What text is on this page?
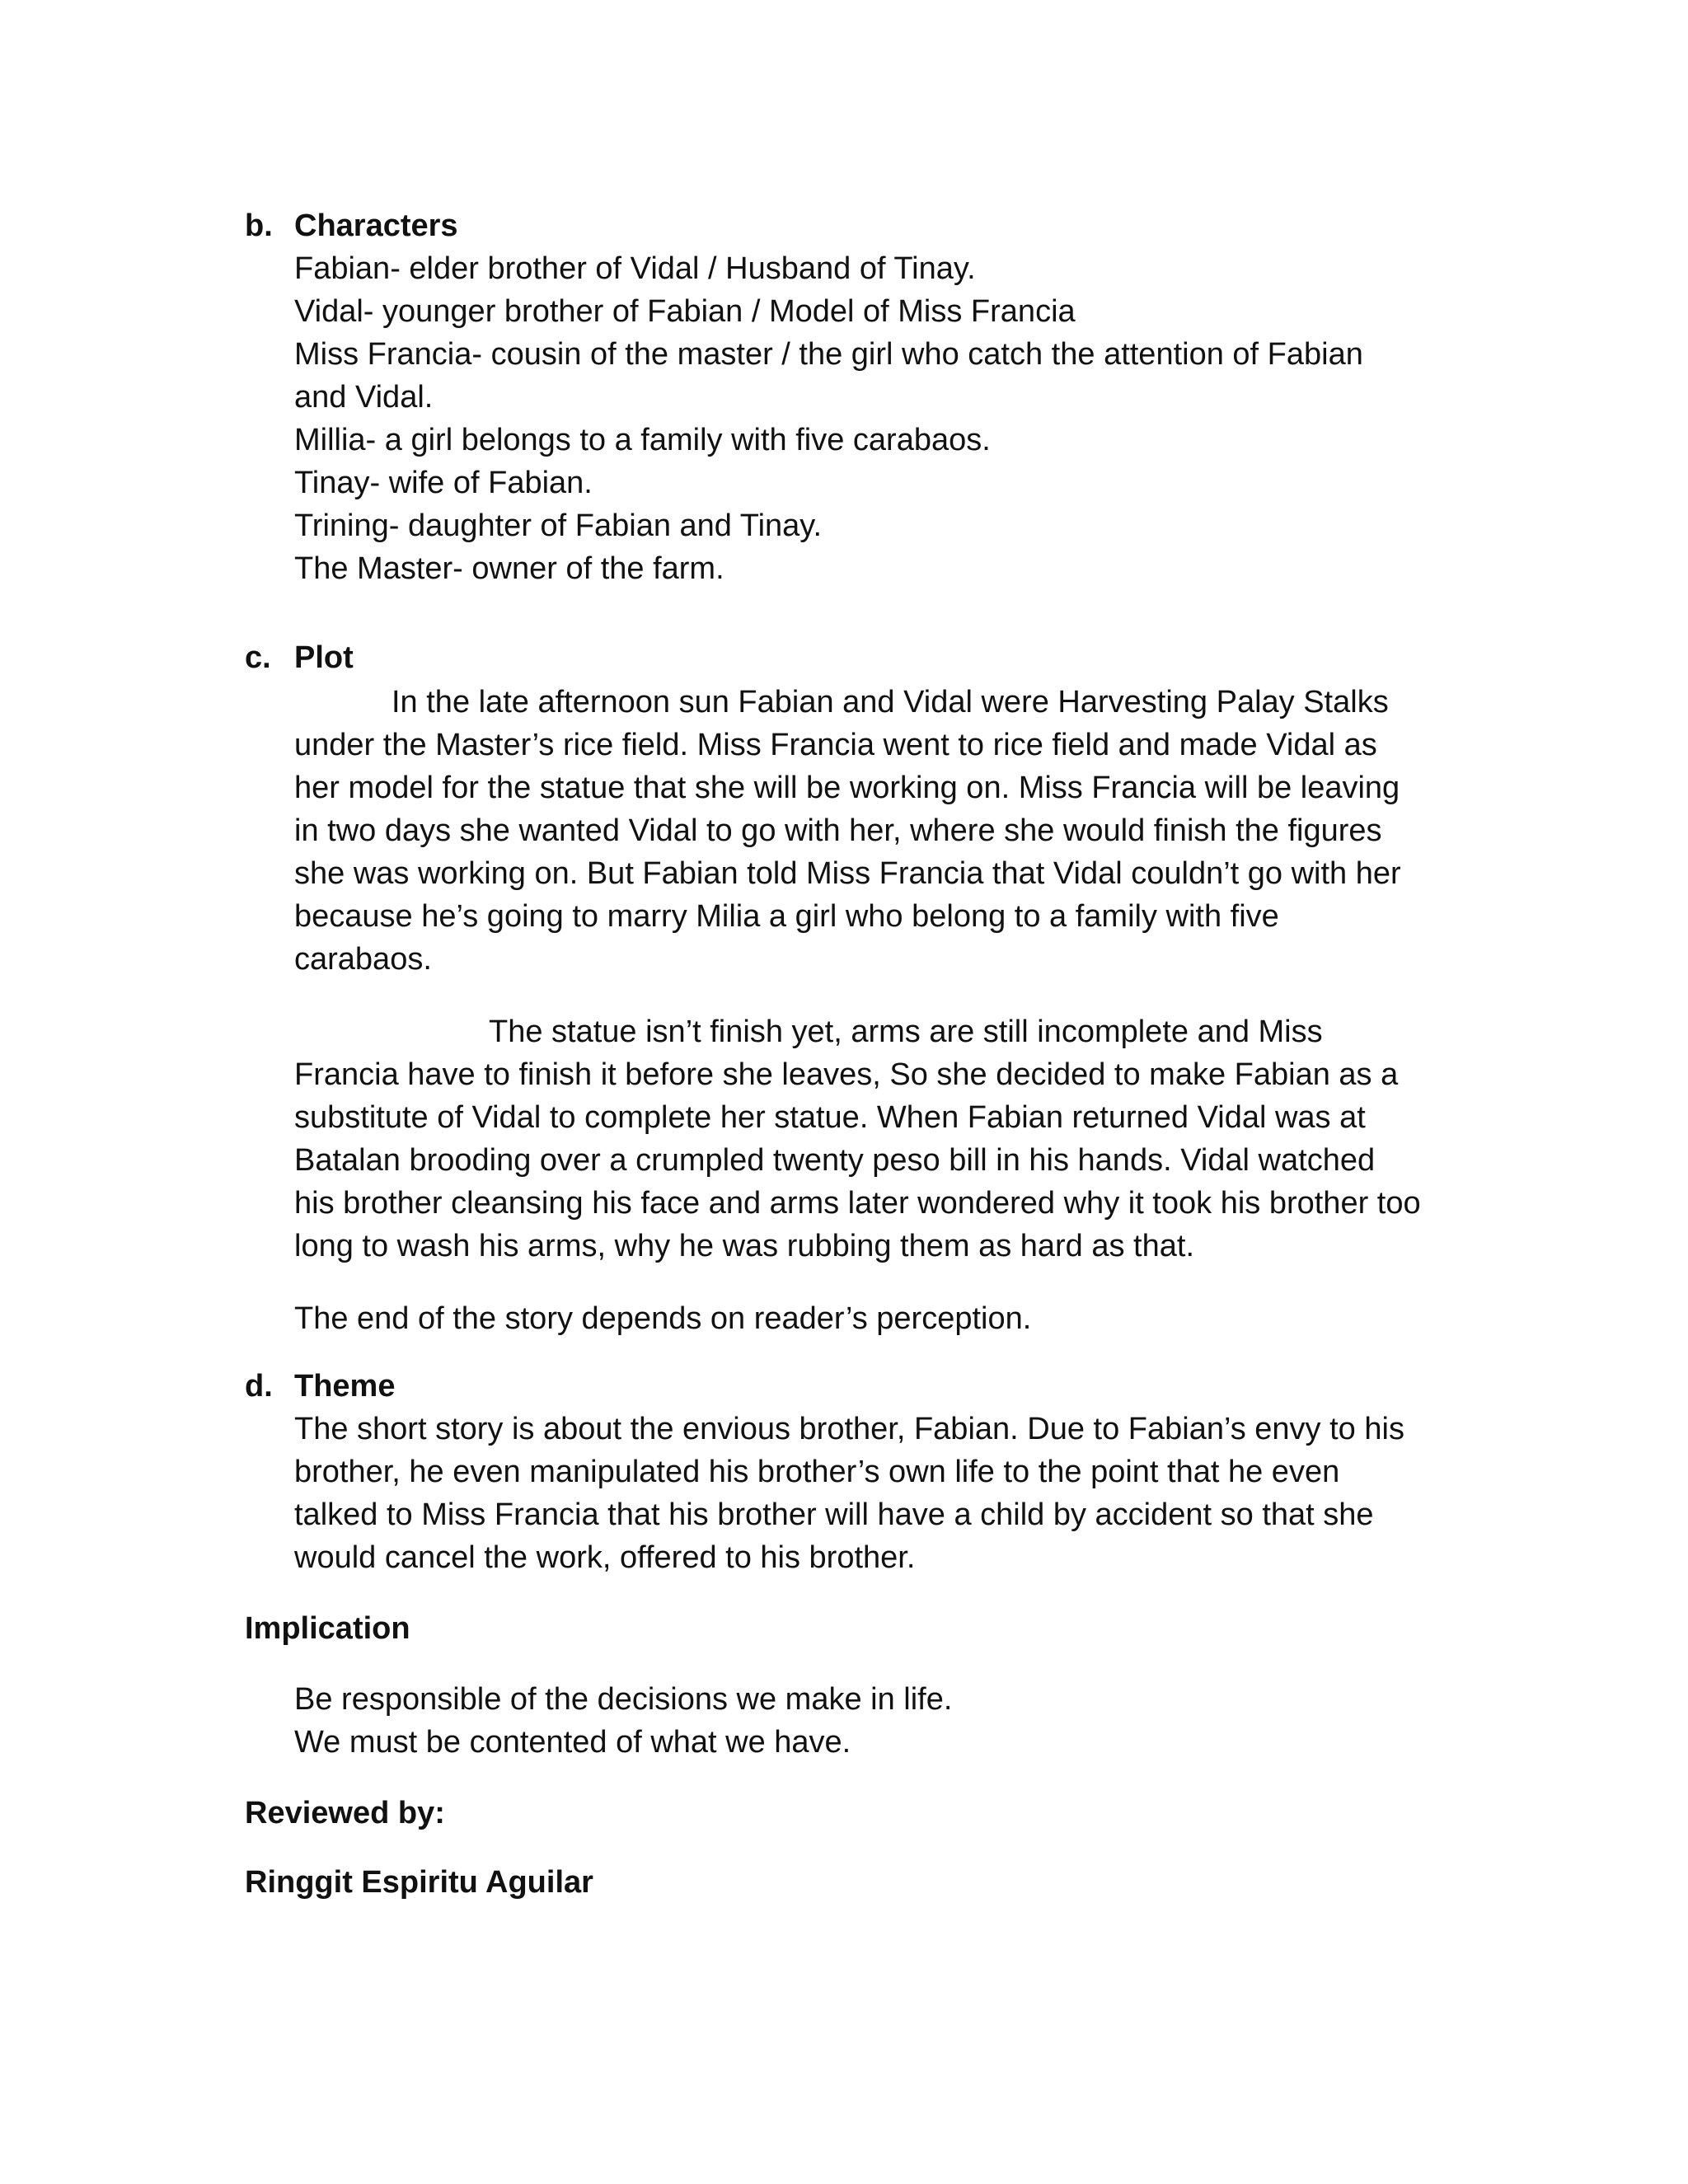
b. Characters
Fabian- elder brother of Vidal / Husband of Tinay.
Vidal- younger brother of Fabian / Model of Miss Francia
Miss Francia- cousin of the master / the girl who catch the attention of Fabian
and Vidal.
Millia- a girl belongs to a family with five carabaos.
Tinay- wife of Fabian.
Trining- daughter of Fabian and Tinay.
The Master- owner of the farm.
c. Plot
In the late afternoon sun Fabian and Vidal were Harvesting Palay Stalks
under the Master’s rice field. Miss Francia went to rice field and made Vidal as
her model for the statue that she will be working on. Miss Francia will be leaving
in two days she wanted Vidal to go with her, where she would finish the figures
she was working on. But Fabian told Miss Francia that Vidal couldn’t go with her
because he’s going to marry Milia a girl who belong to a family with five
carabaos.
The statue isn’t finish yet, arms are still incomplete and Miss
Francia have to finish it before she leaves, So she decided to make Fabian as a
substitute of Vidal to complete her statue. When Fabian returned Vidal was at
Batalan brooding over a crumpled twenty peso bill in his hands. Vidal watched
his brother cleansing his face and arms later wondered why it took his brother too
long to wash his arms, why he was rubbing them as hard as that.

The end of the story depends on reader’s perception.

d. Theme
The short story is about the envious brother, Fabian. Due to Fabian’s envy to his
brother, he even manipulated his brother’s own life to the point that he even
talked to Miss Francia that his brother will have a child by accident so that she
would cancel the work, offered to his brother.
Implication
Be responsible of the decisions we make in life.
We must be contented of what we have.
Reviewed by:
Ringgit Espiritu Aguilar
